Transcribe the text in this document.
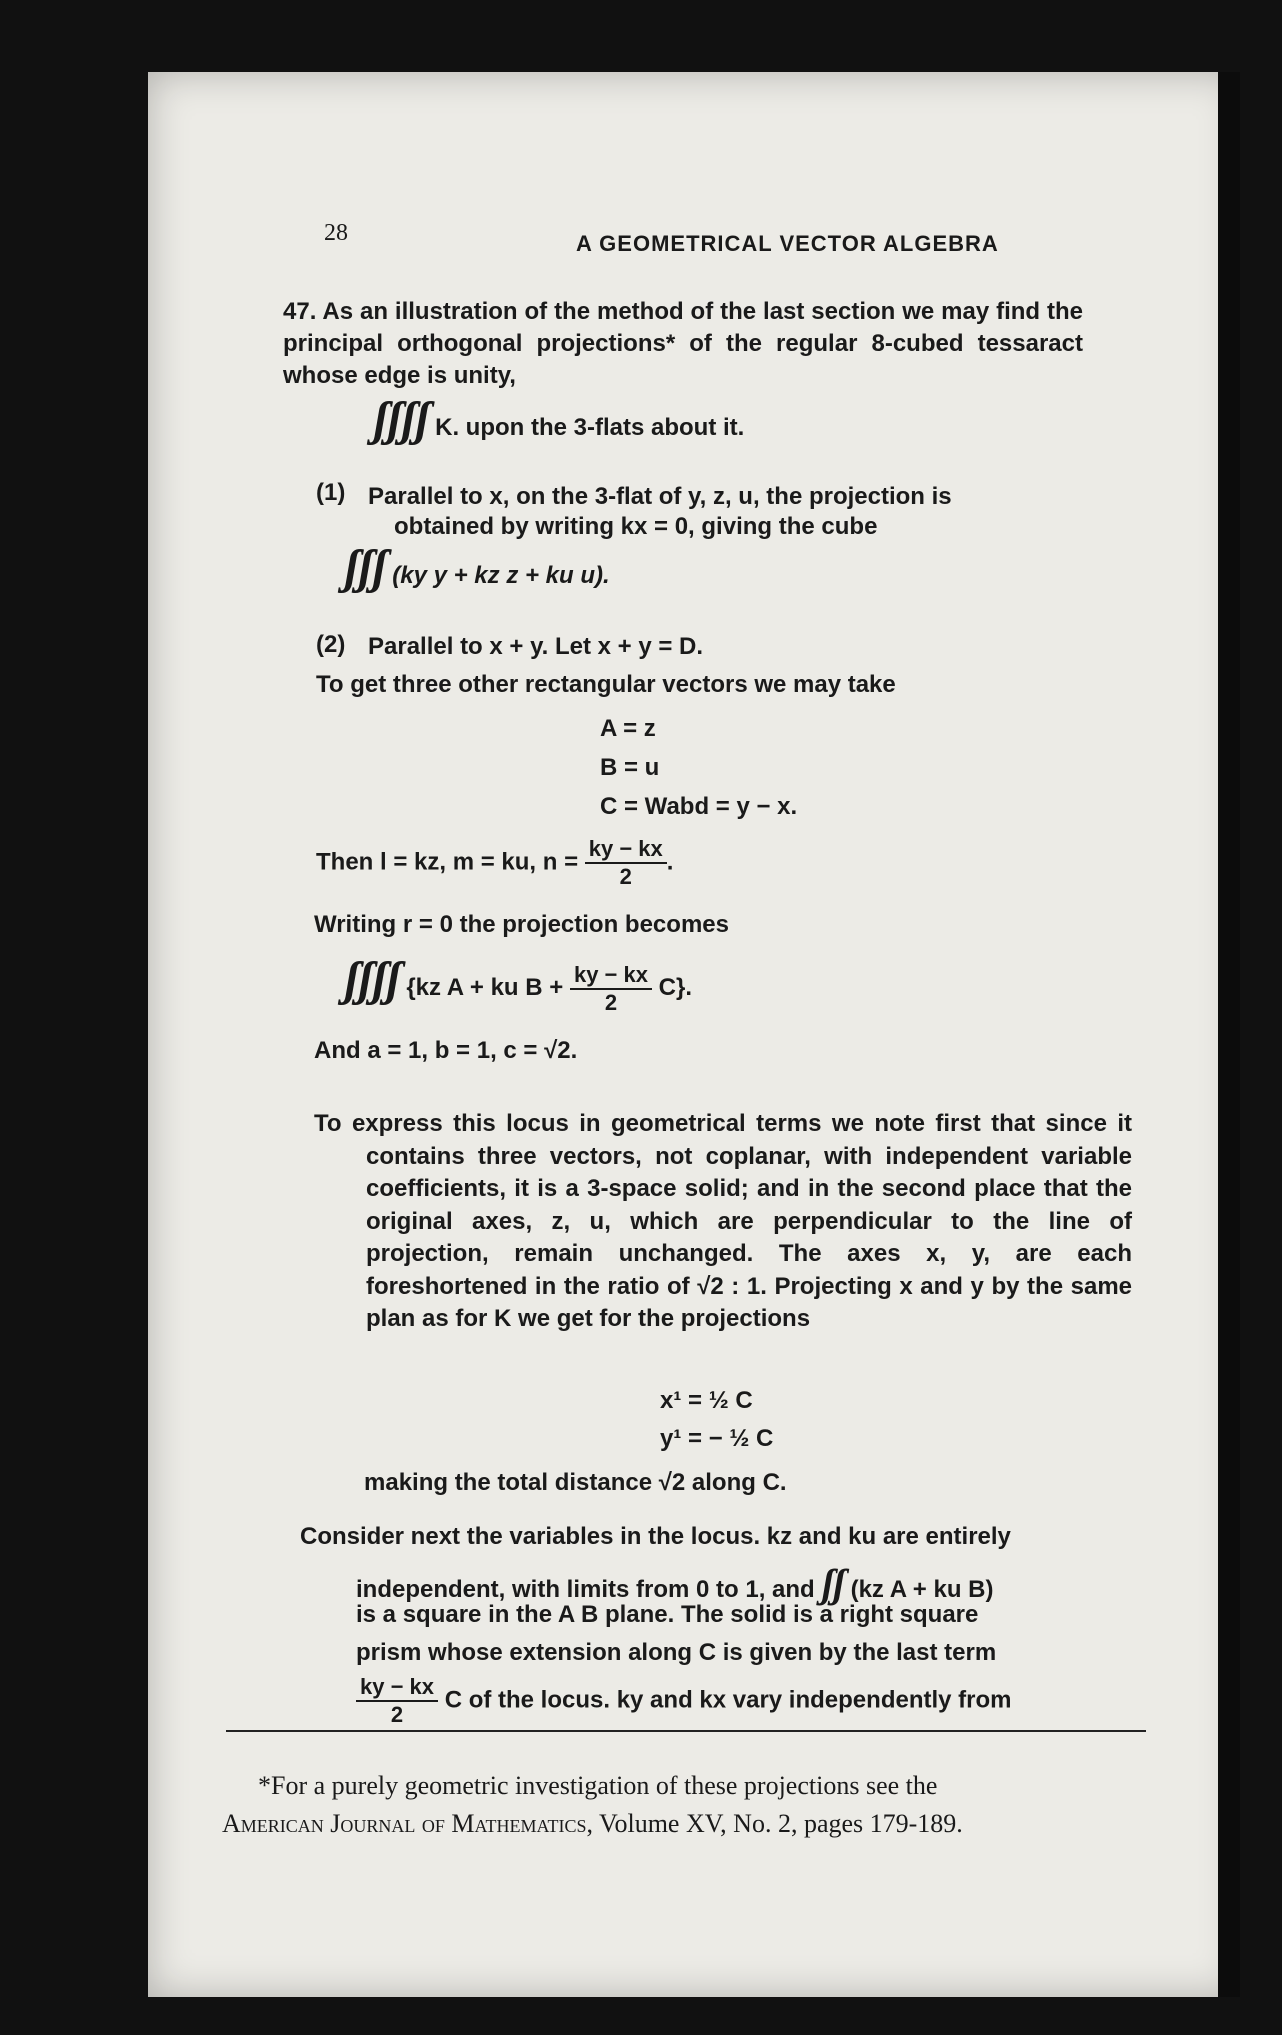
28	A GEOMETRICAL VECTOR ALGEBRA
47. As an illustration of the method of the last section we may find the principal orthogonal projections* of the regular 8-cubed tessaract whose edge is unity,
ʃʃʃʃ K. upon the 3-flats about it.
(1) Parallel to x, on the 3-flat of y, z, u, the projection is
obtained by writing kx = 0, giving the cube
ʃʃʃ (ky y + kz z + ku u).
(2) Parallel to x + y. Let x + y = D.
To get three other rectangular vectors we may take
A = z
B = u
C = Wabd = y − x.
Then l = kz, m = ku, $n = \frac{ky - kx}{2}$ .
Writing r = 0 the projection becomes
ʃʃʃʃ {kz A + ku $B + \frac{ky - kx}{2} C$}.
And a = 1, b = 1, c = √2.
To express this locus in geometrical terms we note first that since it contains three vectors, not coplanar, with independent variable coefficients, it is a 3-space solid; and in the second place that the original axes, z, u, which are perpendicular to the line of projection, remain unchanged. The axes x, y, are each foreshortened in the ratio of √2 : 1. Projecting x and y by the same plan as for K we get for the projections
x¹ = ½ C
y¹ = − ½ C
making the total distance √2 along C.
Consider next the variables in the locus. kz and ku are entirely
independent, with limits from 0 to 1, and ʃʃ (kz A + ku B)
is a square in the A B plane. The solid is a right square
prism whose extension along C is given by the last term
$\frac{ky - kx}{2}$ C of the locus. ky and kx vary independently from
*For a purely geometric investigation of these projections see the
American Journal of Mathematics, Volume XV, No. 2, pages 179-189.
